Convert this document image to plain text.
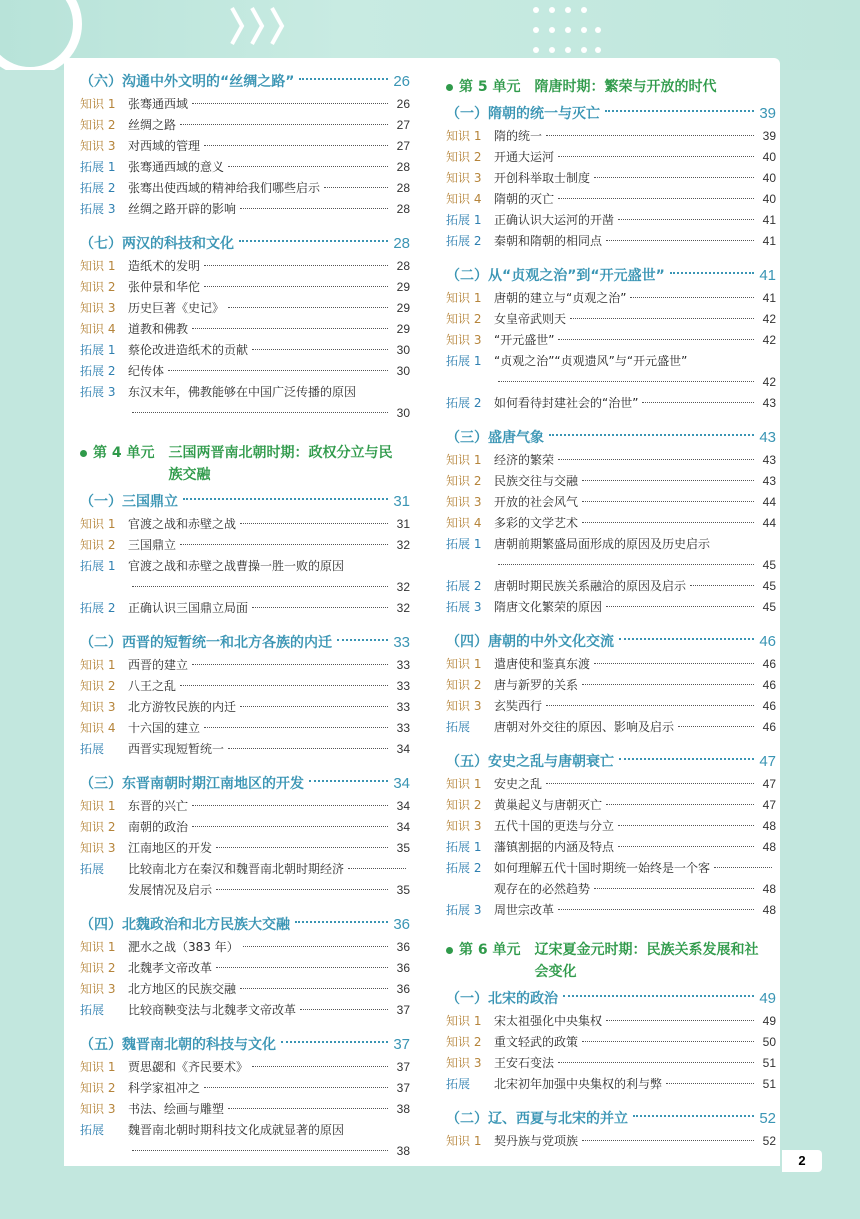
2
（六）沟通中外文明的“丝绸之路”	26
知识 1	张骞通西域	26
知识 2	丝绸之路	27
知识 3	对西域的管理	27
拓展 1	张骞通西域的意义	28
拓展 2	张骞出使西域的精神给我们哪些启示	28
拓展 3	丝绸之路开辟的影响	28
（七）两汉的科技和文化	28
知识 1	造纸术的发明	28
知识 2	张仲景和华佗	29
知识 3	历史巨著《史记》	29
知识 4	道教和佛教	29
拓展 1	蔡伦改进造纸术的贡献	30
拓展 2	纪传体	30
拓展 3	东汉末年，佛教能够在中国广泛传播的原因
30
第 4 单元 三国两晋南北朝时期：政权分立与民族交融
（一）三国鼎立	31
知识 1	官渡之战和赤壁之战	31
知识 2	三国鼎立	32
拓展 1	官渡之战和赤壁之战曹操一胜一败的原因
32
拓展 2	正确认识三国鼎立局面	32
（二）西晋的短暂统一和北方各族的内迁	33
知识 1	西晋的建立	33
知识 2	八王之乱	33
知识 3	北方游牧民族的内迁	33
知识 4	十六国的建立	33
拓展	西晋实现短暂统一	34
（三）东晋南朝时期江南地区的开发	34
知识 1	东晋的兴亡	34
知识 2	南朝的政治	34
知识 3	江南地区的开发	35
拓展	比较南北方在秦汉和魏晋南北朝时期经济
发展情况及启示	35
（四）北魏政治和北方民族大交融	36
知识 1	淝水之战（383 年）	36
知识 2	北魏孝文帝改革	36
知识 3	北方地区的民族交融	36
拓展	比较商鞅变法与北魏孝文帝改革	37
（五）魏晋南北朝的科技与文化	37
知识 1	贾思勰和《齐民要术》	37
知识 2	科学家祖冲之	37
知识 3	书法、绘画与雕塑	38
拓展	魏晋南北朝时期科技文化成就显著的原因
38
第 5 单元 隋唐时期：繁荣与开放的时代
（一）隋朝的统一与灭亡	39
知识 1	隋的统一	39
知识 2	开通大运河	40
知识 3	开创科举取士制度	40
知识 4	隋朝的灭亡	40
拓展 1	正确认识大运河的开凿	41
拓展 2	秦朝和隋朝的相同点	41
（二）从“贞观之治”到“开元盛世”	41
知识 1	唐朝的建立与“贞观之治”	41
知识 2	女皇帝武则天	42
知识 3	“开元盛世”	42
拓展 1	“贞观之治”“贞观遗风”与“开元盛世”
42
拓展 2	如何看待封建社会的“治世”	43
（三）盛唐气象	43
知识 1	经济的繁荣	43
知识 2	民族交往与交融	43
知识 3	开放的社会风气	44
知识 4	多彩的文学艺术	44
拓展 1	唐朝前期繁盛局面形成的原因及历史启示
45
拓展 2	唐朝时期民族关系融洽的原因及启示	45
拓展 3	隋唐文化繁荣的原因	45
（四）唐朝的中外文化交流	46
知识 1	遣唐使和鉴真东渡	46
知识 2	唐与新罗的关系	46
知识 3	玄奘西行	46
拓展	唐朝对外交往的原因、影响及启示	46
（五）安史之乱与唐朝衰亡	47
知识 1	安史之乱	47
知识 2	黄巢起义与唐朝灭亡	47
知识 3	五代十国的更迭与分立	48
拓展 1	藩镇割据的内涵及特点	48
拓展 2	如何理解五代十国时期统一始终是一个客
观存在的必然趋势	48
拓展 3	周世宗改革	48
第 6 单元 辽宋夏金元时期：民族关系发展和社会变化
（一）北宋的政治	49
知识 1	宋太祖强化中央集权	49
知识 2	重文轻武的政策	50
知识 3	王安石变法	51
拓展	北宋初年加强中央集权的利与弊	51
（二）辽、西夏与北宋的并立	52
知识 1	契丹族与党项族	52
